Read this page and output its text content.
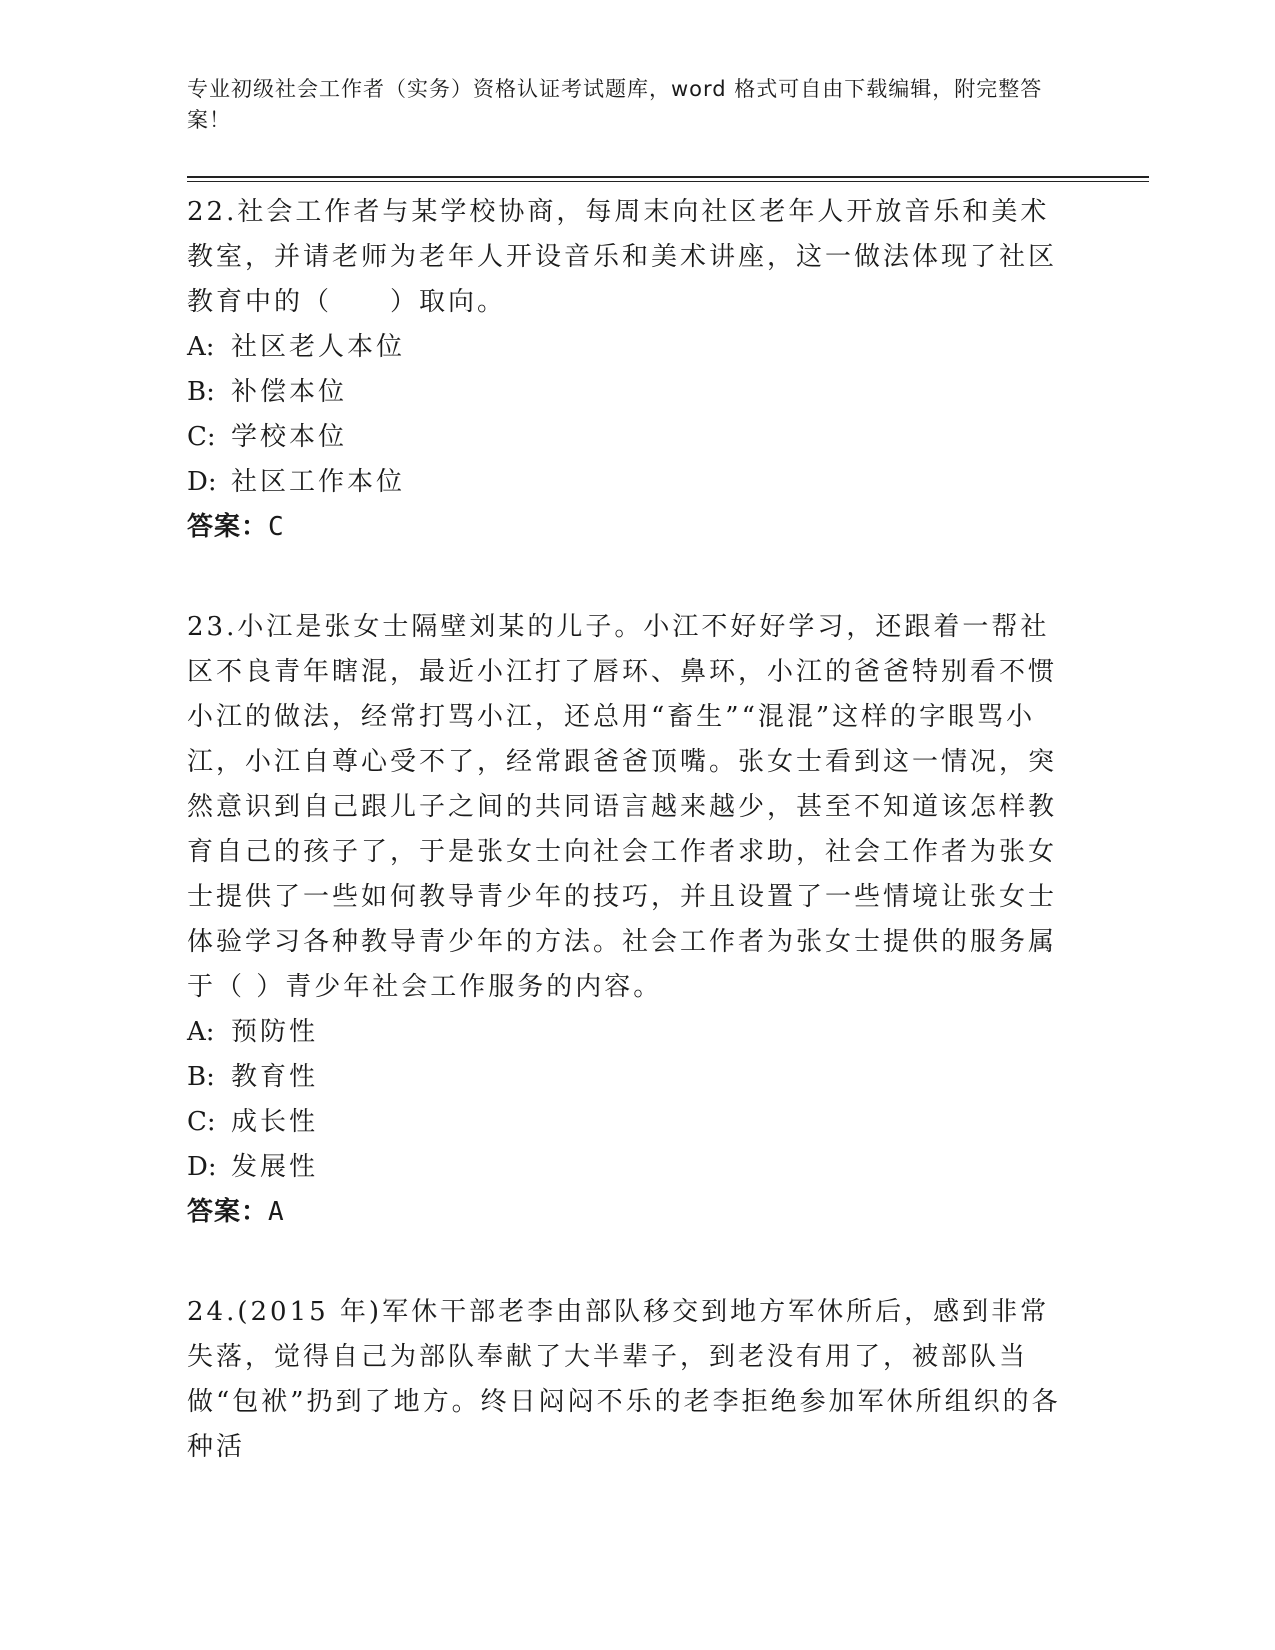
专业初级社会工作者（实务）资格认证考试题库，word 格式可自由下载编辑，附完整答案！

22.社会工作者与某学校协商，每周末向社区老年人开放音乐和美术教室，并请老师为老年人开设音乐和美术讲座，这一做法体现了社区教育中的（　　）取向。

A: 社区老人本位

B: 补偿本位

C: 学校本位

D: 社区工作本位

答案：C

23.小江是张女士隔壁刘某的儿子。小江不好好学习，还跟着一帮社区不良青年瞎混，最近小江打了唇环、鼻环，小江的爸爸特别看不惯小江的做法，经常打骂小江，还总用“畜生”“混混”这样的字眼骂小江，小江自尊心受不了，经常跟爸爸顶嘴。张女士看到这一情况，突然意识到自己跟儿子之间的共同语言越来越少，甚至不知道该怎样教育自己的孩子了，于是张女士向社会工作者求助，社会工作者为张女士提供了一些如何教导青少年的技巧，并且设置了一些情境让张女士体验学习各种教导青少年的方法。社会工作者为张女士提供的服务属于（ ）青少年社会工作服务的内容。

A: 预防性

B: 教育性

C: 成长性

D: 发展性

答案：A

24.(2015 年)军休干部老李由部队移交到地方军休所后，感到非常失落，觉得自己为部队奉献了大半辈子，到老没有用了，被部队当做“包袱”扔到了地方。终日闷闷不乐的老李拒绝参加军休所组织的各种活
